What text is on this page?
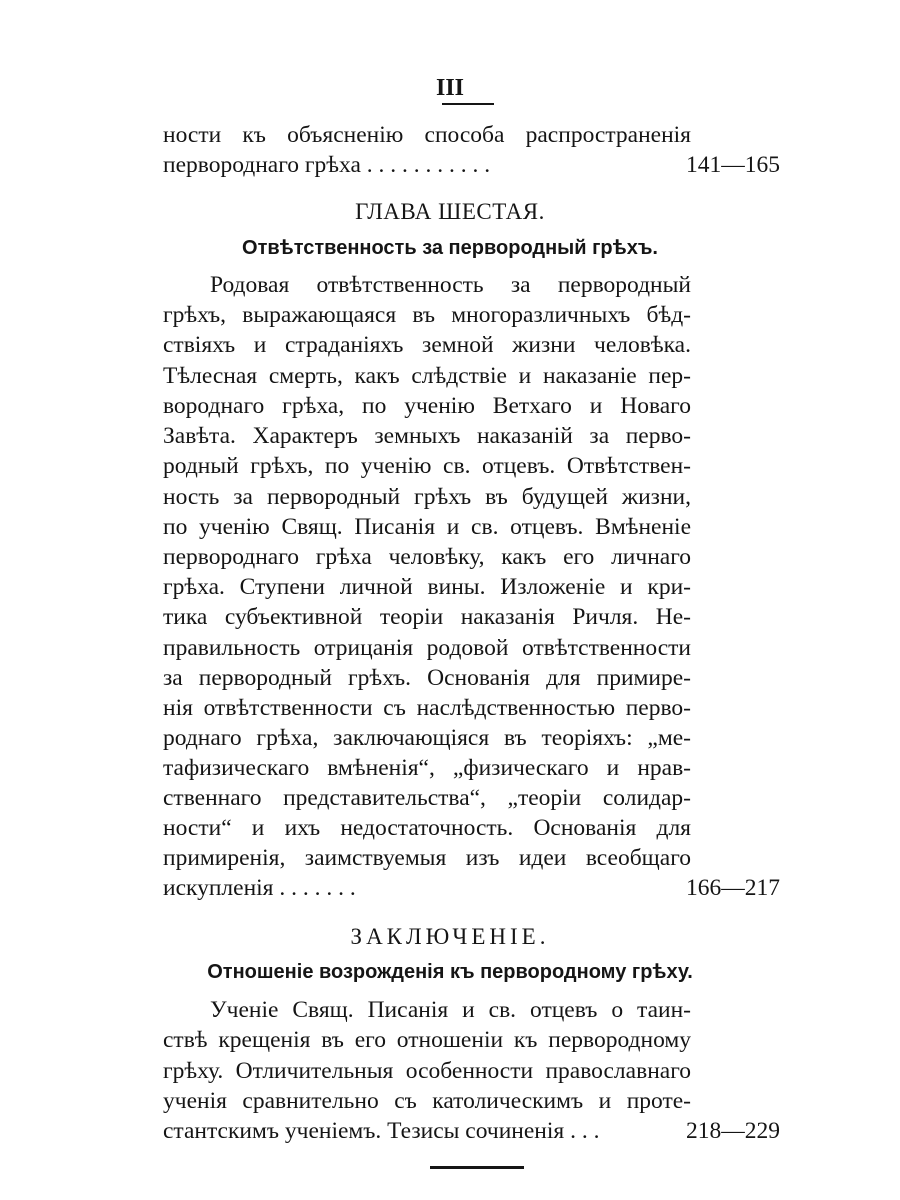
III
ности къ объясненію способа распространенія
первороднаго грѣха . . . . . . . . . . .	141—165
ГЛАВА ШЕСТАЯ.
Отвѣтственность за первородный грѣхъ.
Родовая отвѣтственность за первородный
грѣхъ, выражающаяся въ многоразличныхъ бѣд-
ствіяхъ и страданіяхъ земной жизни человѣка.
Тѣлесная смерть, какъ слѣдствіе и наказаніе пер-
вороднаго грѣха, по ученію Ветхаго и Новаго
Завѣта. Характеръ земныхъ наказаній за перво-
родный грѣхъ, по ученію св. отцевъ. Отвѣтствен-
ность за первородный грѣхъ въ будущей жизни,
по ученію Свящ. Писанія и св. отцевъ. Вмѣненіе
первороднаго грѣха человѣку, какъ его личнаго
грѣха. Ступени личной вины. Изложеніе и кри-
тика субъективной теоріи наказанія Ричля. Не-
правильность отрицанія родовой отвѣтственности
за первородный грѣхъ. Основанія для примире-
нія отвѣтственности съ наслѣдственностью перво-
роднаго грѣха, заключающіяся въ теоріяхъ: „ме-
тафизическаго вмѣненія“, „физическаго и нрав-
ственнаго представительства“, „теоріи солидар-
ности“ и ихъ недостаточность. Основанія для
примиренія, заимствуемыя изъ идеи всеобщаго
искупленія . . . . . . .	166—217
ЗАКЛЮЧЕНІЕ.
Отношеніе возрожденія къ первородному грѣху.
Ученіе Свящ. Писанія и св. отцевъ о таин-
ствѣ крещенія въ его отношеніи къ первородному
грѣху. Отличительныя особенности православнаго
ученія сравнительно съ католическимъ и проте-
стантскимъ ученіемъ. Тезисы сочиненія . . .	218—229
